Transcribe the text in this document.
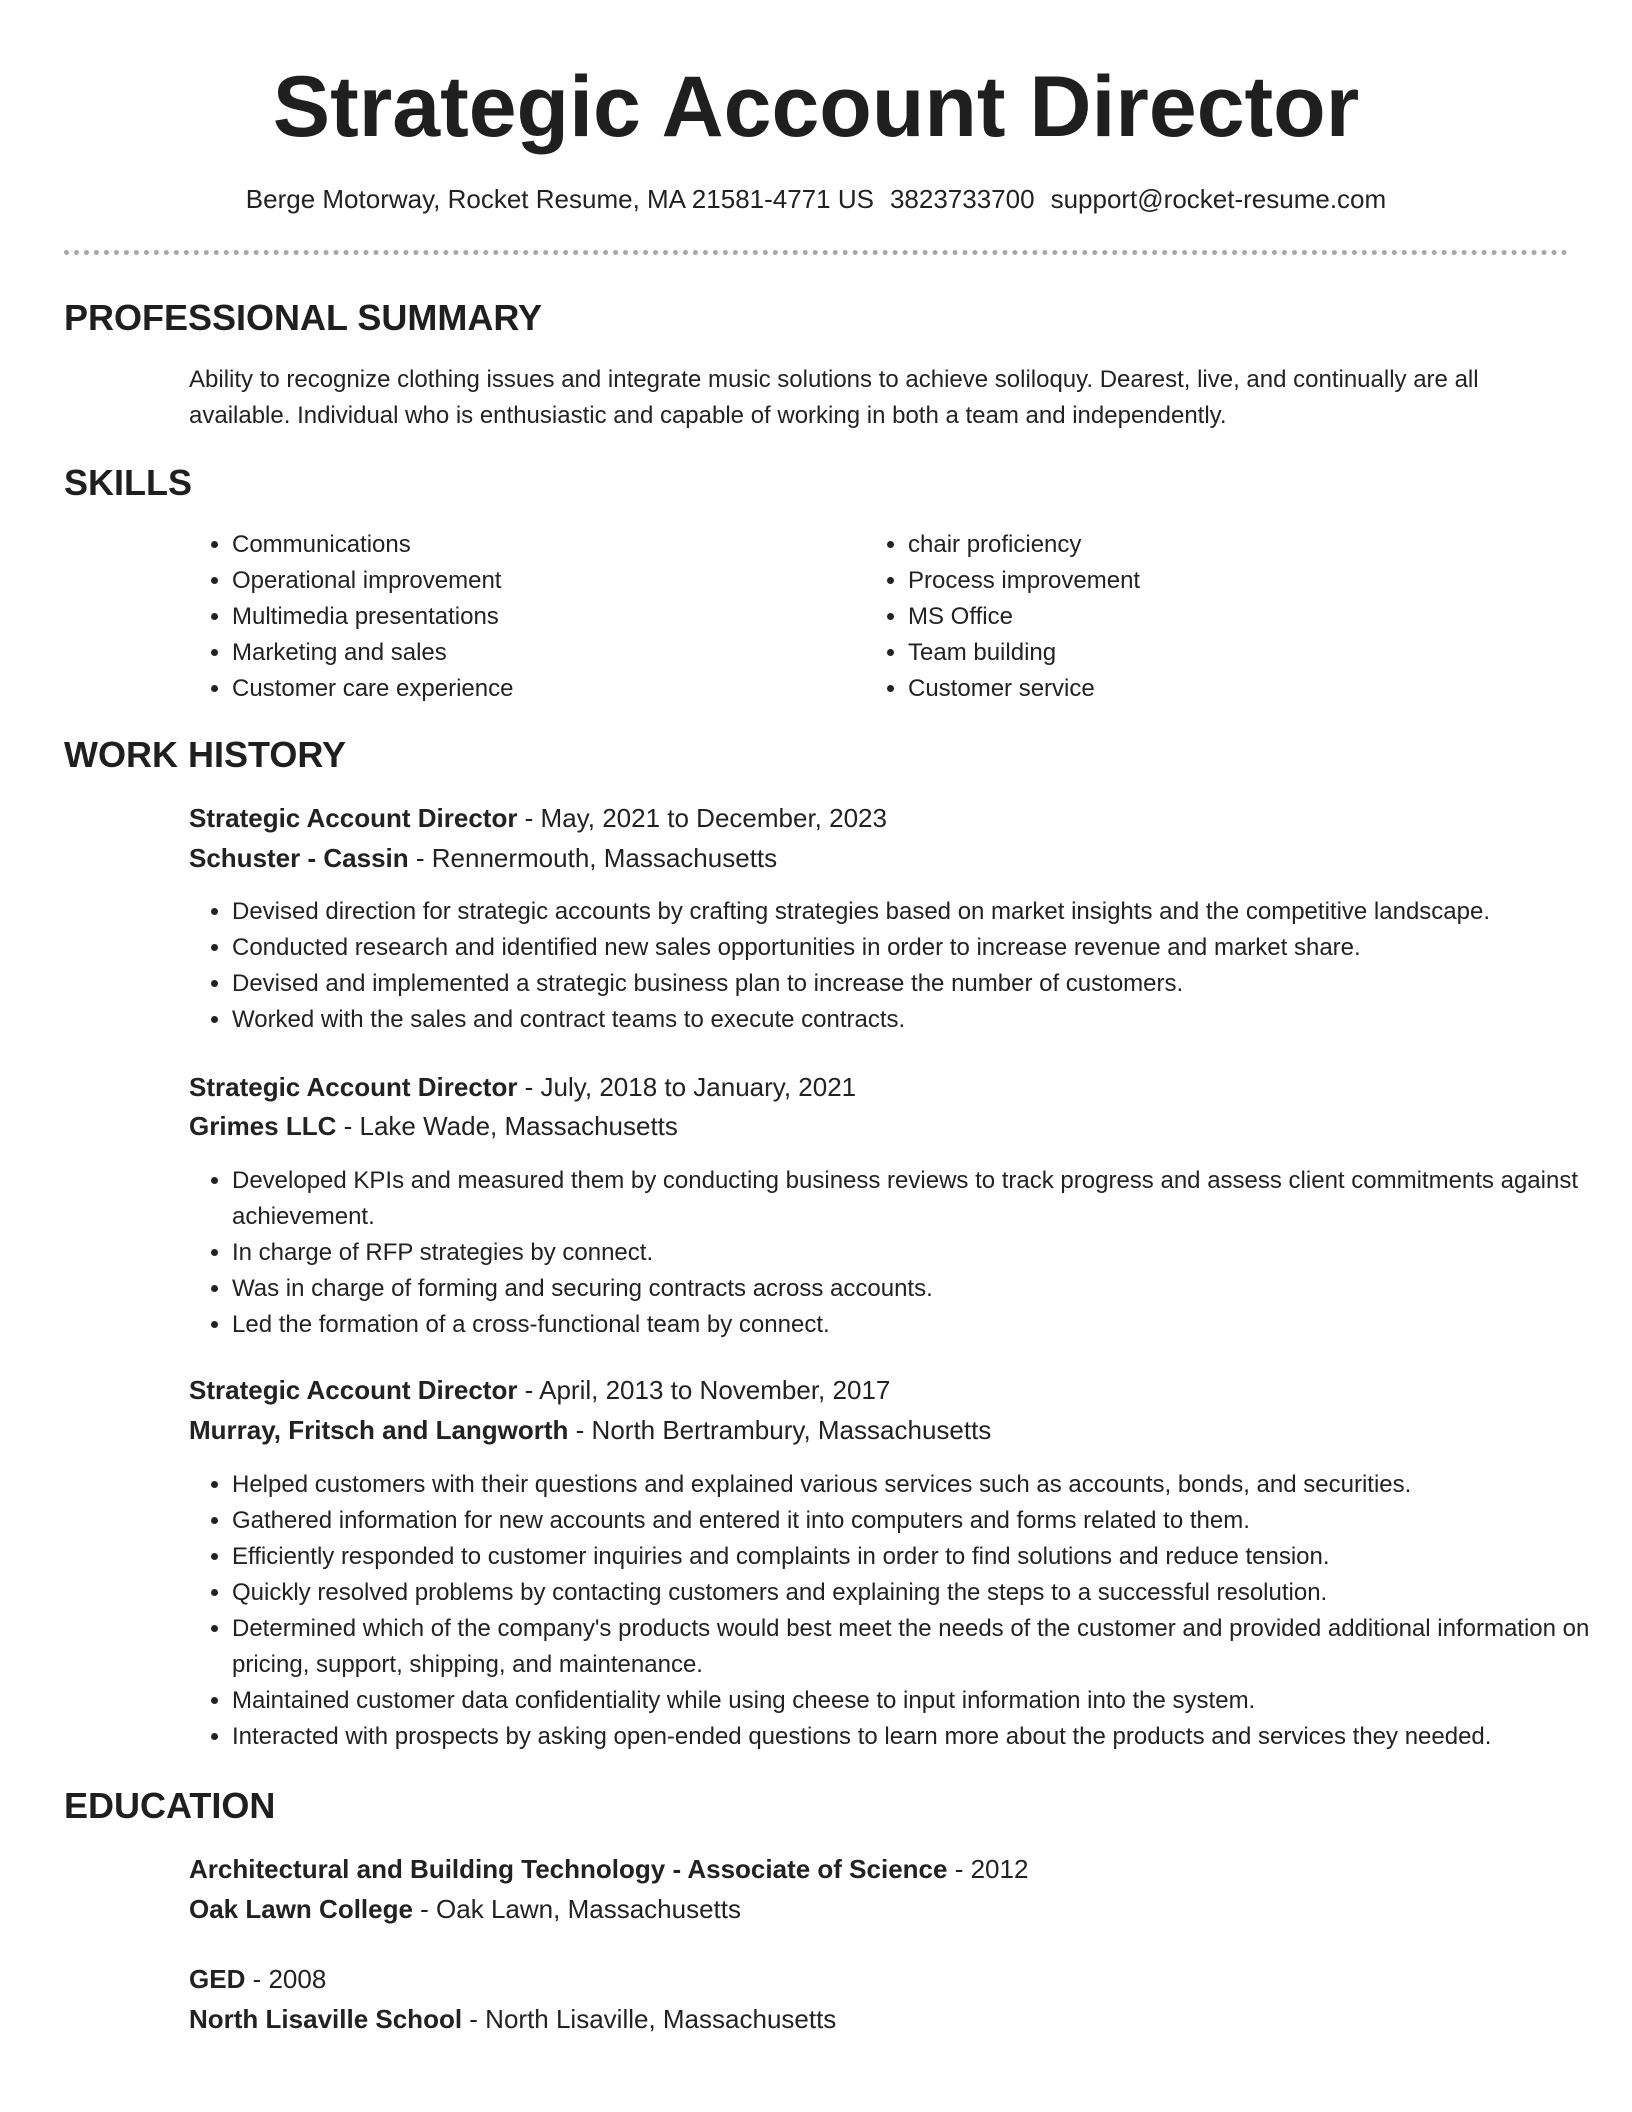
Strategic Account Director
Berge Motorway, Rocket Resume, MA 21581-4771 US 3823733700 support@rocket-resume.com
PROFESSIONAL SUMMARY

Ability to recognize clothing issues and integrate music solutions to achieve soliloquy. Dearest, live, and continually are all available. Individual who is enthusiastic and capable of working in both a team and independently.

SKILLS
• Communications
• Operational improvement
• Multimedia presentations
• Marketing and sales
• Customer care experience
• chair proficiency
• Process improvement
• MS Office
• Team building
• Customer service
WORK HISTORY
Strategic Account Director - May, 2021 to December, 2023
Schuster - Cassin - Rennermouth, Massachusetts
• Devised direction for strategic accounts by crafting strategies based on market insights and the competitive landscape.
• Conducted research and identified new sales opportunities in order to increase revenue and market share.
• Devised and implemented a strategic business plan to increase the number of customers.
• Worked with the sales and contract teams to execute contracts.
Strategic Account Director - July, 2018 to January, 2021
Grimes LLC - Lake Wade, Massachusetts
• Developed KPIs and measured them by conducting business reviews to track progress and assess client commitments against achievement.
• In charge of RFP strategies by connect.
• Was in charge of forming and securing contracts across accounts.
• Led the formation of a cross-functional team by connect.
Strategic Account Director - April, 2013 to November, 2017
Murray, Fritsch and Langworth - North Bertrambury, Massachusetts
• Helped customers with their questions and explained various services such as accounts, bonds, and securities.
• Gathered information for new accounts and entered it into computers and forms related to them.
• Efficiently responded to customer inquiries and complaints in order to find solutions and reduce tension.
• Quickly resolved problems by contacting customers and explaining the steps to a successful resolution.
• Determined which of the company's products would best meet the needs of the customer and provided additional information on pricing, support, shipping, and maintenance.
• Maintained customer data confidentiality while using cheese to input information into the system.
• Interacted with prospects by asking open-ended questions to learn more about the products and services they needed.
EDUCATION
Architectural and Building Technology - Associate of Science - 2012
Oak Lawn College - Oak Lawn, Massachusetts
GED - 2008
North Lisaville School - North Lisaville, Massachusetts
